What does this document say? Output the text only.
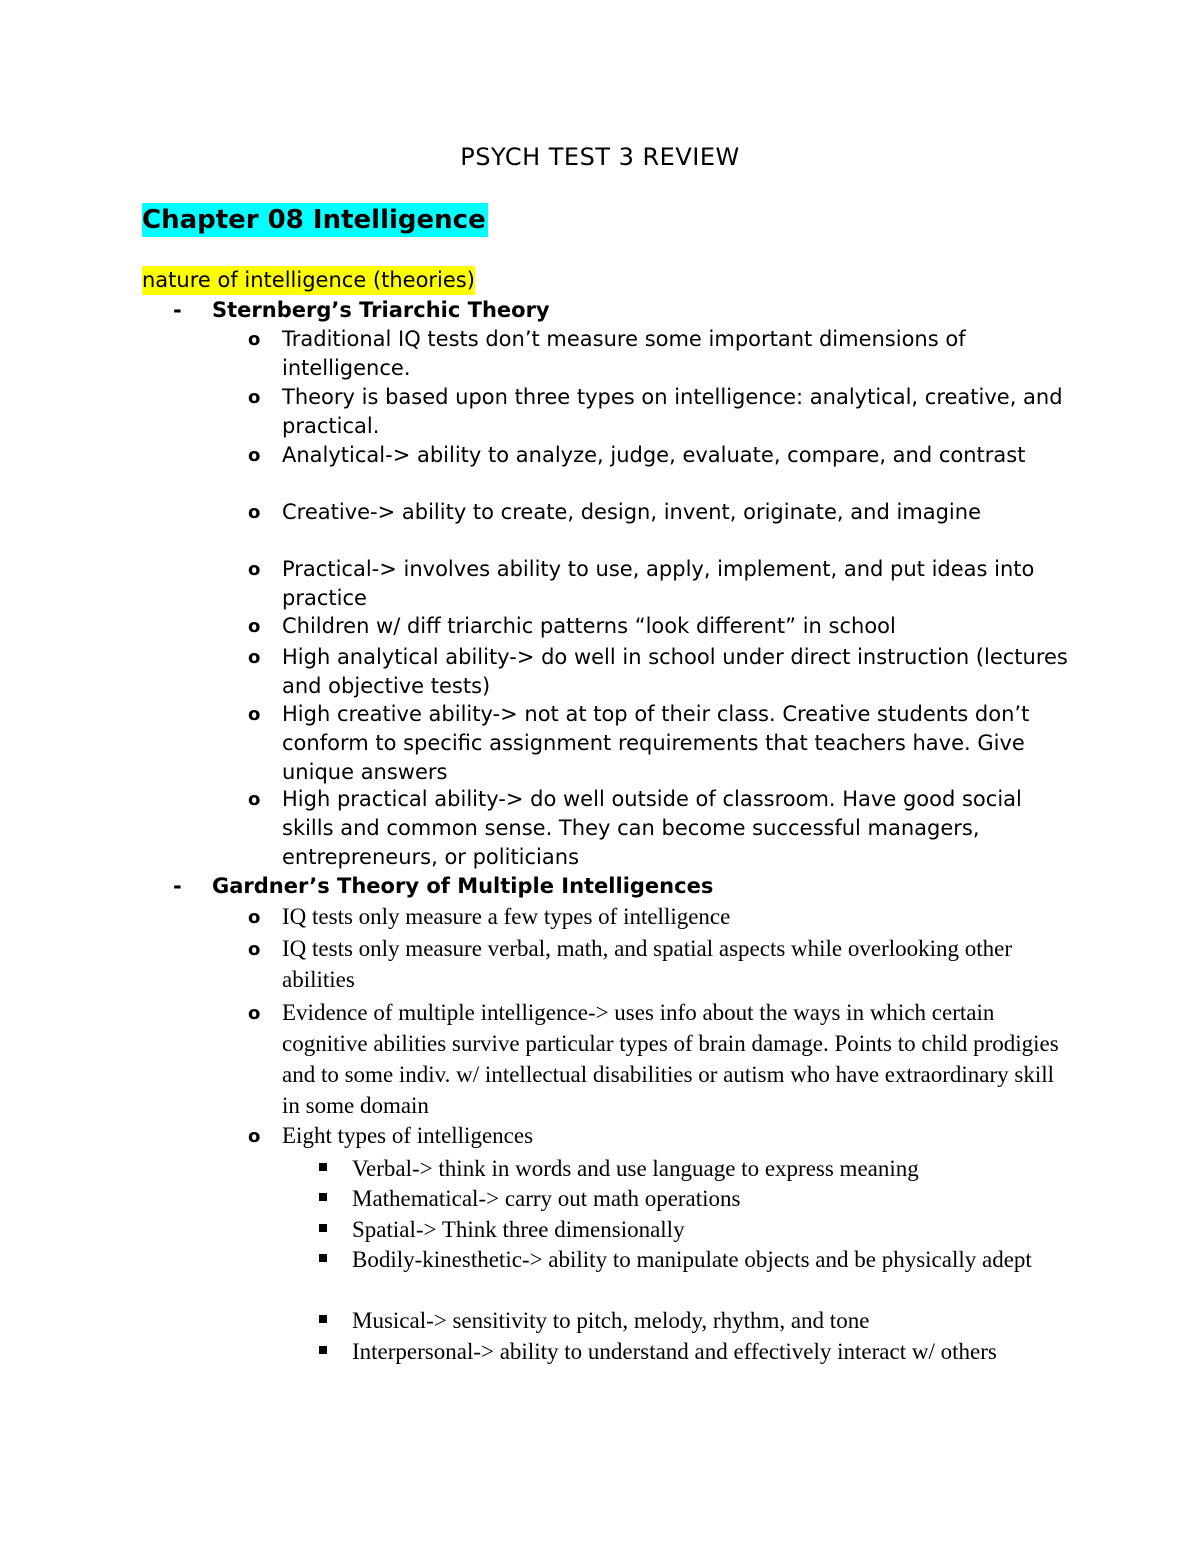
PSYCH TEST 3 REVIEW
Chapter 08 Intelligence
nature of intelligence (theories)
- Sternberg’s Triarchic Theory
o Traditional IQ tests don’t measure some important dimensions of intelligence.
o Theory is based upon three types on intelligence: analytical, creative, and practical.
o Analytical-> ability to analyze, judge, evaluate, compare, and contrast
o Creative-> ability to create, design, invent, originate, and imagine
o Practical-> involves ability to use, apply, implement, and put ideas into practice
o Children w/ diff triarchic patterns “look different” in school
o High analytical ability-> do well in school under direct instruction (lectures and objective tests)
o High creative ability-> not at top of their class. Creative students don’t conform to specific assignment requirements that teachers have. Give unique answers
o High practical ability-> do well outside of classroom. Have good social skills and common sense. They can become successful managers, entrepreneurs, or politicians
- Gardner’s Theory of Multiple Intelligences
o IQ tests only measure a few types of intelligence
o IQ tests only measure verbal, math, and spatial aspects while overlooking other abilities
o Evidence of multiple intelligence-> uses info about the ways in which certain cognitive abilities survive particular types of brain damage. Points to child prodigies and to some indiv. w/ intellectual disabilities or autism who have extraordinary skill in some domain
o Eight types of intelligences
Verbal-> think in words and use language to express meaning
Mathematical-> carry out math operations
Spatial-> Think three dimensionally
Bodily-kinesthetic-> ability to manipulate objects and be physically adept
Musical-> sensitivity to pitch, melody, rhythm, and tone
Interpersonal-> ability to understand and effectively interact w/ others
